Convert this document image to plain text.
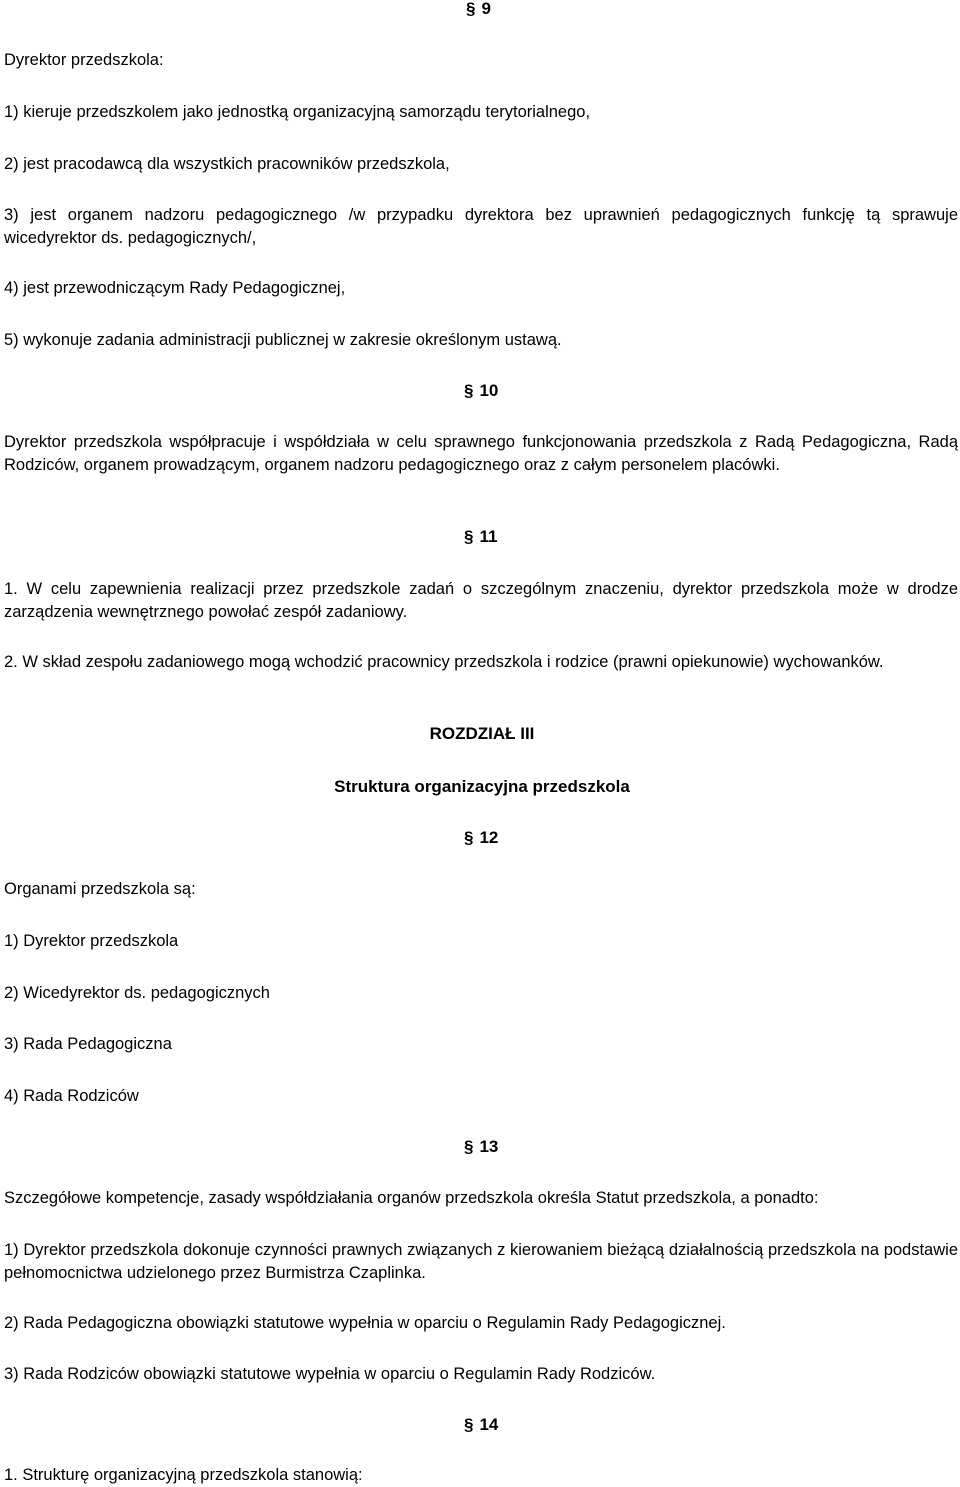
§ 9

Dyrektor przedszkola:

1) kieruje przedszkolem jako jednostką organizacyjną samorządu terytorialnego,

2) jest pracodawcą dla wszystkich pracowników przedszkola,

3) jest organem nadzoru pedagogicznego /w przypadku dyrektora bez uprawnień pedagogicznych funkcję tą sprawuje wicedyrektor ds. pedagogicznych/,

4) jest przewodniczącym Rady Pedagogicznej,

5) wykonuje zadania administracji publicznej w zakresie określonym ustawą.

§ 10

Dyrektor przedszkola współpracuje i współdziała w celu sprawnego funkcjonowania przedszkola z Radą Pedagogiczna, Radą Rodziców, organem prowadzącym, organem nadzoru pedagogicznego oraz z całym personelem placówki.

§ 11

1. W celu zapewnienia realizacji przez przedszkole zadań o szczególnym znaczeniu, dyrektor przedszkola może w drodze zarządzenia wewnętrznego powołać zespół zadaniowy.

2. W skład zespołu zadaniowego mogą wchodzić pracownicy przedszkola i rodzice (prawni opiekunowie) wychowanków.

ROZDZIAŁ III
Struktura organizacyjna przedszkola
§ 12

Organami przedszkola są:

1) Dyrektor przedszkola

2) Wicedyrektor ds. pedagogicznych

3) Rada Pedagogiczna

4) Rada Rodziców

§ 13

Szczegółowe kompetencje, zasady współdziałania organów przedszkola określa Statut przedszkola, a ponadto:

1) Dyrektor przedszkola dokonuje czynności prawnych związanych z kierowaniem bieżącą działalnością przedszkola na podstawie pełnomocnictwa udzielonego przez Burmistrza Czaplinka.

2) Rada Pedagogiczna obowiązki statutowe wypełnia w oparciu o Regulamin Rady Pedagogicznej.

3) Rada Rodziców obowiązki statutowe wypełnia w oparciu o Regulamin Rady Rodziców.

§ 14

1. Strukturę organizacyjną przedszkola stanowią:
